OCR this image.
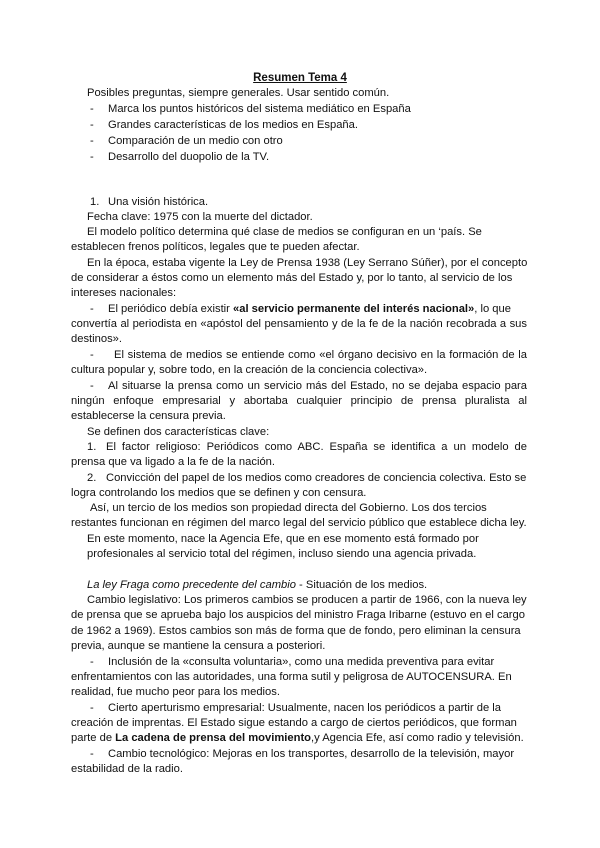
Resumen Tema 4
Posibles preguntas, siempre generales. Usar sentido común.
- Marca los puntos históricos del sistema mediático en España
- Grandes características de los medios en España.
- Comparación de un medio con otro
- Desarrollo del duopolio de la TV.
1. Una visión histórica.
Fecha clave: 1975 con la muerte del dictador.
El modelo político determina qué clase de medios se configuran en un ‘país. Se
establecen frenos políticos, legales que te pueden afectar.
En la época, estaba vigente la Ley de Prensa 1938 (Ley Serrano Súñer), por el concepto
de considerar a éstos como un elemento más del Estado y, por lo tanto, al servicio de los
intereses nacionales:
- El periódico debía existir «al servicio permanente del interés nacional», lo que
convertía al periodista en «apóstol del pensamiento y de la fe de la nación recobrada a sus
destinos».
- El sistema de medios se entiende como «el órgano decisivo en la formación de la
cultura popular y, sobre todo, en la creación de la conciencia colectiva».
- Al situarse la prensa como un servicio más del Estado, no se dejaba espacio para
ningún enfoque empresarial y abortaba cualquier principio de prensa pluralista al
establecerse la censura previa.
Se definen dos características clave:
1. El factor religioso: Periódicos como ABC. España se identifica a un modelo de
prensa que va ligado a la fe de la nación.
2. Convicción del papel de los medios como creadores de conciencia colectiva. Esto se
logra controlando los medios que se definen y con censura.
Así, un tercio de los medios son propiedad directa del Gobierno. Los dos tercios
restantes funcionan en régimen del marco legal del servicio público que establece dicha ley.
En este momento, nace la Agencia Efe, que en ese momento está formado por
profesionales al servicio total del régimen, incluso siendo una agencia privada.
La ley Fraga como precedente del cambio - Situación de los medios.
Cambio legislativo: Los primeros cambios se producen a partir de 1966, con la nueva ley
de prensa que se aprueba bajo los auspicios del ministro Fraga Iribarne (estuvo en el cargo
de 1962 a 1969). Estos cambios son más de forma que de fondo, pero eliminan la censura
previa, aunque se mantiene la censura a posteriori.
- Inclusión de la «consulta voluntaria», como una medida preventiva para evitar
enfrentamientos con las autoridades, una forma sutil y peligrosa de AUTOCENSURA. En
realidad, fue mucho peor para los medios.
- Cierto aperturismo empresarial: Usualmente, nacen los periódicos a partir de la
creación de imprentas. El Estado sigue estando a cargo de ciertos periódicos, que forman
parte de La cadena de prensa del movimiento,y Agencia Efe, así como radio y televisión.
- Cambio tecnológico: Mejoras en los transportes, desarrollo de la televisión, mayor
estabilidad de la radio.
